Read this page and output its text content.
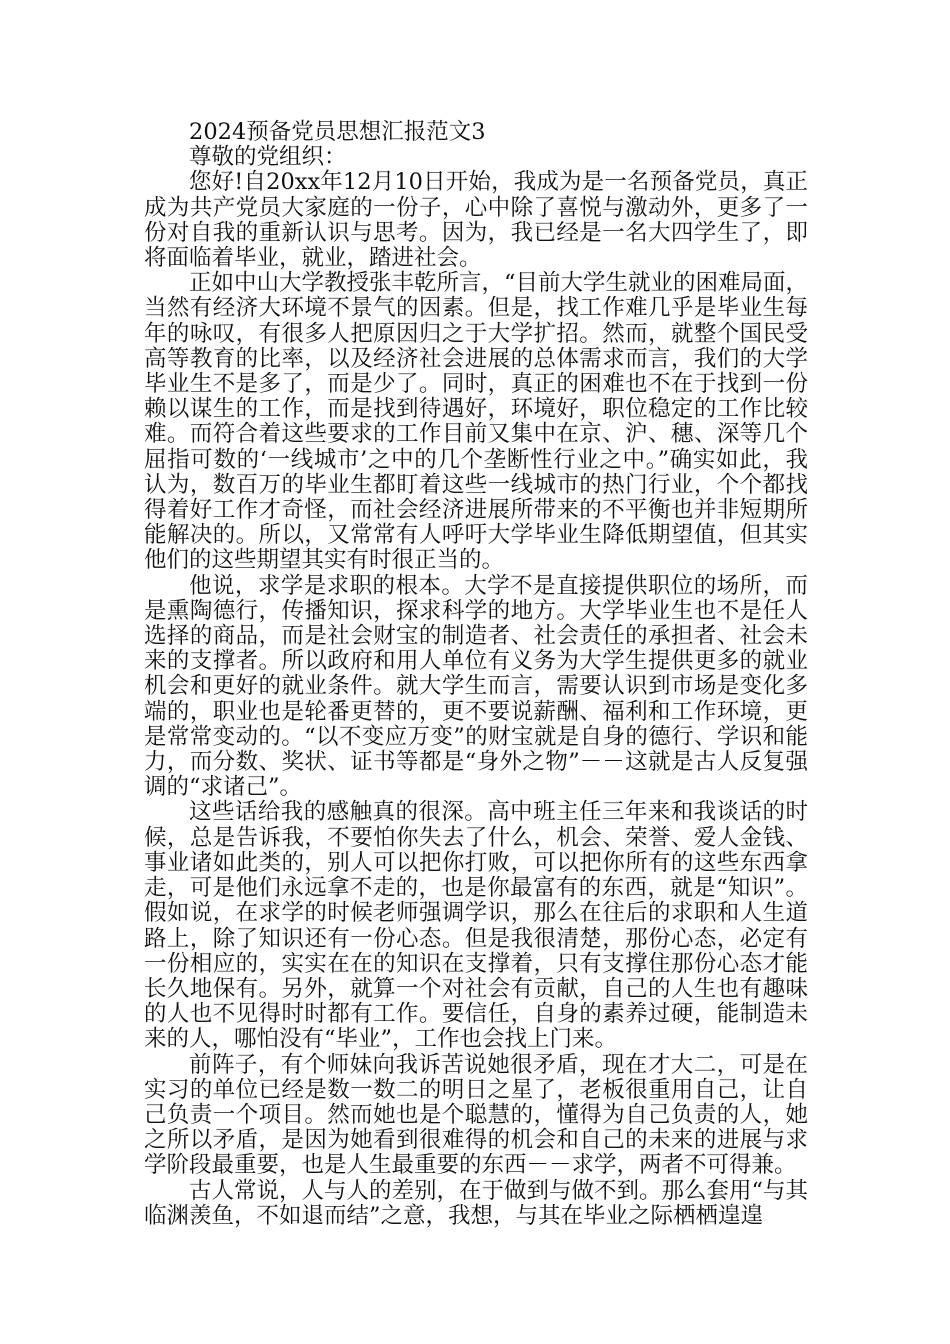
2024预备党员思想汇报范文3

尊敬的党组织：

您好!自20xx年12月10日开始，我成为是一名预备党员，真正成为共产党员大家庭的一份子，心中除了喜悦与激动外，更多了一份对自我的重新认识与思考。因为，我已经是一名大四学生了，即将面临着毕业，就业，踏进社会。

正如中山大学教授张丰乾所言，“目前大学生就业的困难局面，当然有经济大环境不景气的因素。但是，找工作难几乎是毕业生每年的咏叹，有很多人把原因归之于大学扩招。然而，就整个国民受高等教育的比率，以及经济社会进展的总体需求而言，我们的大学毕业生不是多了，而是少了。同时，真正的困难也不在于找到一份赖以谋生的工作，而是找到待遇好，环境好，职位稳定的工作比较难。而符合着这些要求的工作目前又集中在京、沪、穗、深等几个屈指可数的‘一线城市’之中的几个垄断性行业之中。”确实如此，我认为，数百万的毕业生都盯着这些一线城市的热门行业，个个都找得着好工作才奇怪，而社会经济进展所带来的不平衡也并非短期所能解决的。所以，又常常有人呼吁大学毕业生降低期望值，但其实他们的这些期望其实有时很正当的。

他说，求学是求职的根本。大学不是直接提供职位的场所，而是熏陶德行，传播知识，探求科学的地方。大学毕业生也不是任人选择的商品，而是社会财宝的制造者、社会责任的承担者、社会未来的支撑者。所以政府和用人单位有义务为大学生提供更多的就业机会和更好的就业条件。就大学生而言，需要认识到市场是变化多端的，职业也是轮番更替的，更不要说薪酬、福利和工作环境，更是常常变动的。“以不变应万变”的财宝就是自身的德行、学识和能力，而分数、奖状、证书等都是“身外之物”－－这就是古人反复强调的“求诸己”。

这些话给我的感触真的很深。高中班主任三年来和我谈话的时候，总是告诉我，不要怕你失去了什么，机会、荣誉、爱人金钱、事业诸如此类的，别人可以把你打败，可以把你所有的这些东西拿走，可是他们永远拿不走的，也是你最富有的东西，就是“知识”。假如说，在求学的时候老师强调学识，那么在往后的求职和人生道路上，除了知识还有一份心态。但是我很清楚，那份心态，必定有一份相应的，实实在在的知识在支撑着，只有支撑住那份心态才能长久地保有。另外，就算一个对社会有贡献，自己的人生也有趣味的人也不见得时时都有工作。要信任，自身的素养过硬，能制造未来的人，哪怕没有“毕业”，工作也会找上门来。

前阵子，有个师妹向我诉苦说她很矛盾，现在才大二，可是在实习的单位已经是数一数二的明日之星了，老板很重用自己，让自己负责一个项目。然而她也是个聪慧的，懂得为自己负责的人，她之所以矛盾，是因为她看到很难得的机会和自己的未来的进展与求学阶段最重要，也是人生最重要的东西－－求学，两者不可得兼。

古人常说，人与人的差别，在于做到与做不到。那么套用“与其临渊羡鱼，不如退而结”之意，我想，与其在毕业之际栖栖遑遑
